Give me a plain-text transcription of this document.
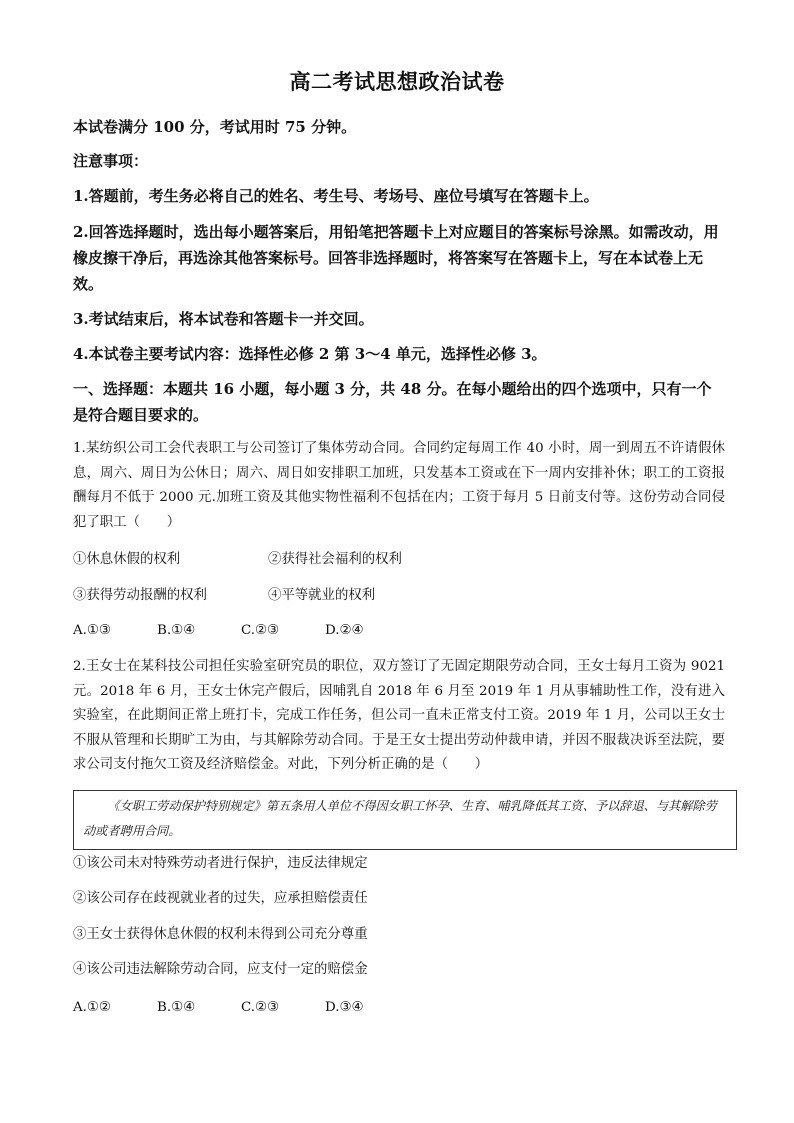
高二考试思想政治试卷
本试卷满分 100 分，考试用时 75 分钟。
注意事项：
1.答题前，考生务必将自己的姓名、考生号、考场号、座位号填写在答题卡上。
2.回答选择题时，选出每小题答案后，用铅笔把答题卡上对应题目的答案标号涂黑。如需改动，用橡皮擦干净后，再选涂其他答案标号。回答非选择题时，将答案写在答题卡上，写在本试卷上无效。
3.考试结束后，将本试卷和答题卡一并交回。
4.本试卷主要考试内容：选择性必修 2 第 3～4 单元，选择性必修 3。
一、选择题：本题共 16 小题，每小题 3 分，共 48 分。在每小题给出的四个选项中，只有一个是符合题目要求的。
1.某纺织公司工会代表职工与公司签订了集体劳动合同。合同约定每周工作 40 小时，周一到周五不许请假休息，周六、周日为公休日；周六、周日如安排职工加班，只发基本工资或在下一周内安排补休；职工的工资报酬每月不低于 2000 元.加班工资及其他实物性福利不包括在内；工资于每月 5 日前支付等。这份劳动合同侵犯了职工（　　）
①休息休假的权利	②获得社会福利的权利
③获得劳动报酬的权利	④平等就业的权利
A.①③	B.①④	C.②③	D.②④
2.王女士在某科技公司担任实验室研究员的职位，双方签订了无固定期限劳动合同，王女士每月工资为 9021 元。2018 年 6 月，王女士休完产假后，因哺乳自 2018 年 6 月至 2019 年 1 月从事辅助性工作，没有进入实验室，在此期间正常上班打卡，完成工作任务，但公司一直未正常支付工资。2019 年 1 月，公司以王女士不服从管理和长期旷工为由，与其解除劳动合同。于是王女士提出劳动仲裁申请，并因不服裁决诉至法院，要求公司支付拖欠工资及经济赔偿金。对此，下列分析正确的是（　　）
《女职工劳动保护特别规定》第五条用人单位不得因女职工怀孕、生育、哺乳降低其工资、予以辞退、与其解除劳动或者聘用合同。
①该公司未对特殊劳动者进行保护，违反法律规定
②该公司存在歧视就业者的过失，应承担赔偿责任
③王女士获得休息休假的权利未得到公司充分尊重
④该公司违法解除劳动合同，应支付一定的赔偿金
A.①②	B.①④	C.②③	D.③④
